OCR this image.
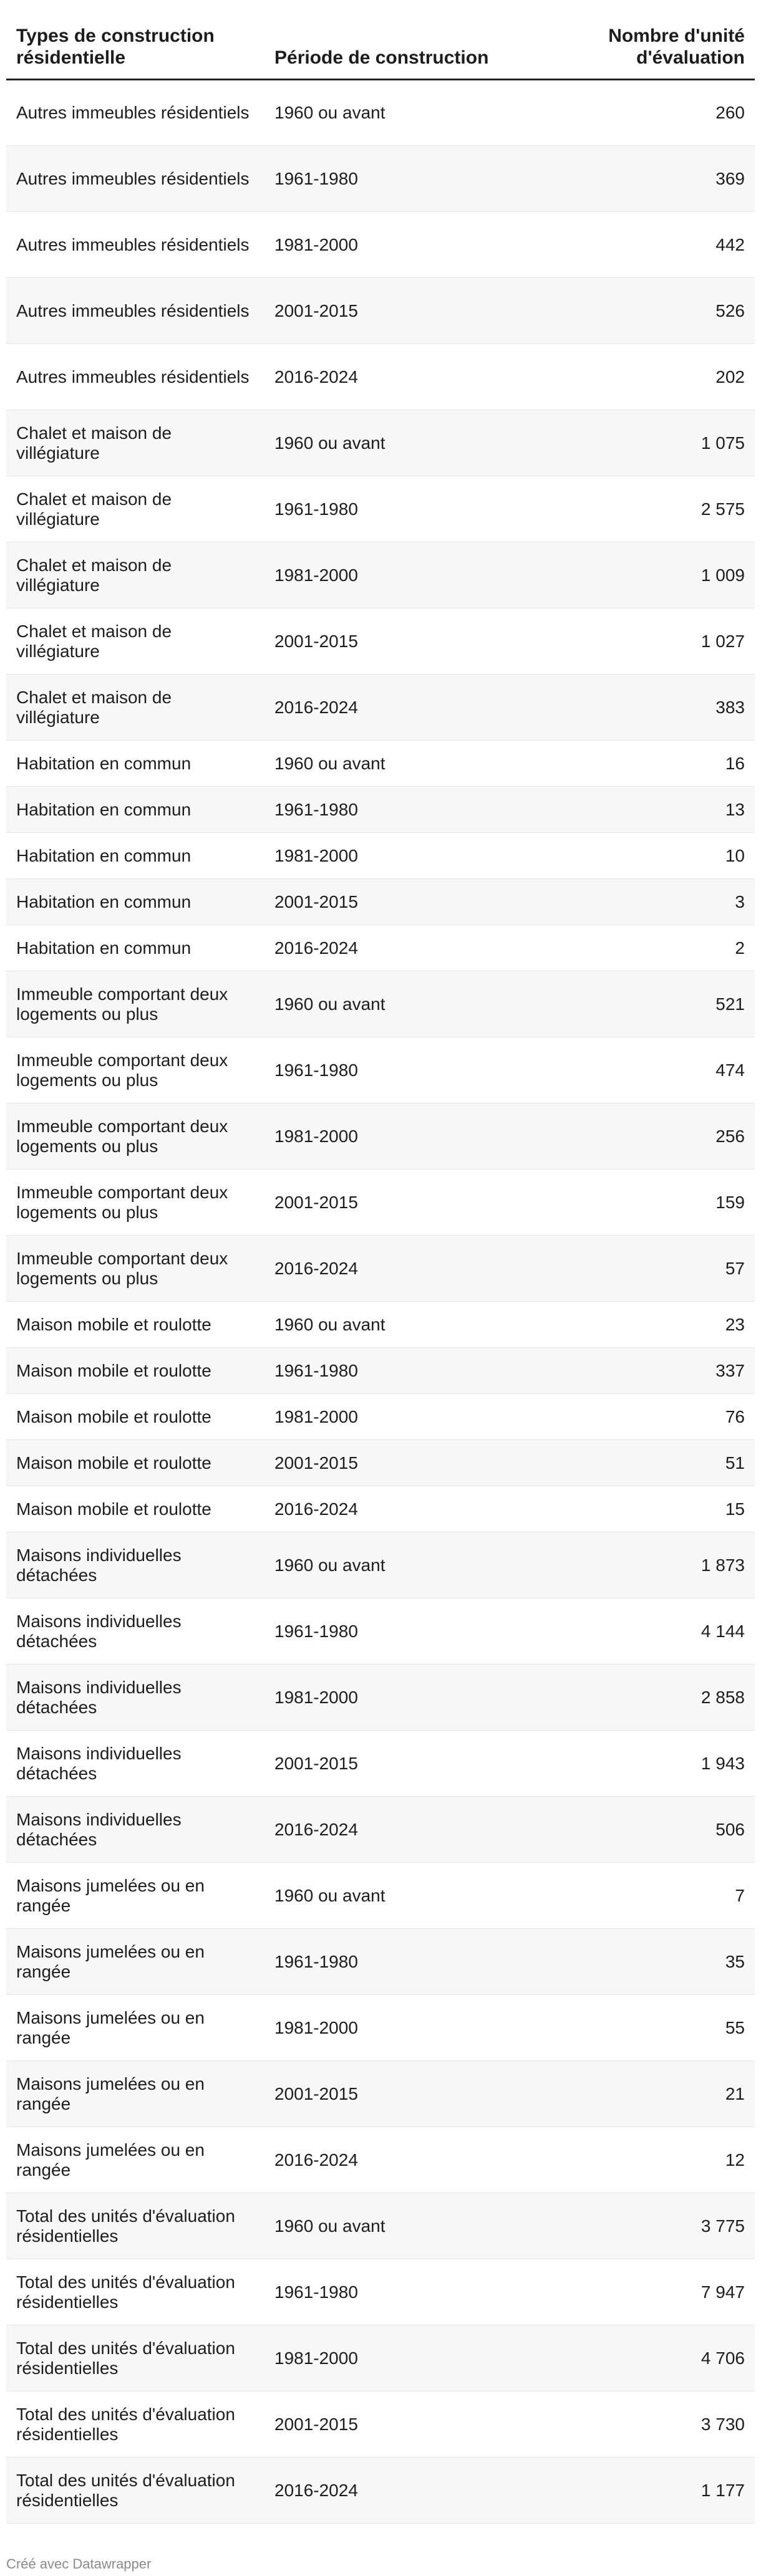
Types de construction résidentielle	Période de construction	Nombre d'unité d'évaluation
Autres immeubles résidentiels	1960 ou avant	260
Autres immeubles résidentiels	1961-1980	369
Autres immeubles résidentiels	1981-2000	442
Autres immeubles résidentiels	2001-2015	526
Autres immeubles résidentiels	2016-2024	202
Chalet et maison de villégiature	1960 ou avant	1 075
Chalet et maison de villégiature	1961-1980	2 575
Chalet et maison de villégiature	1981-2000	1 009
Chalet et maison de villégiature	2001-2015	1 027
Chalet et maison de villégiature	2016-2024	383
Habitation en commun	1960 ou avant	16
Habitation en commun	1961-1980	13
Habitation en commun	1981-2000	10
Habitation en commun	2001-2015	3
Habitation en commun	2016-2024	2
Immeuble comportant deux logements ou plus	1960 ou avant	521
Immeuble comportant deux logements ou plus	1961-1980	474
Immeuble comportant deux logements ou plus	1981-2000	256
Immeuble comportant deux logements ou plus	2001-2015	159
Immeuble comportant deux logements ou plus	2016-2024	57
Maison mobile et roulotte	1960 ou avant	23
Maison mobile et roulotte	1961-1980	337
Maison mobile et roulotte	1981-2000	76
Maison mobile et roulotte	2001-2015	51
Maison mobile et roulotte	2016-2024	15
Maisons individuelles détachées	1960 ou avant	1 873
Maisons individuelles détachées	1961-1980	4 144
Maisons individuelles détachées	1981-2000	2 858
Maisons individuelles détachées	2001-2015	1 943
Maisons individuelles détachées	2016-2024	506
Maisons jumelées ou en rangée	1960 ou avant	7
Maisons jumelées ou en rangée	1961-1980	35
Maisons jumelées ou en rangée	1981-2000	55
Maisons jumelées ou en rangée	2001-2015	21
Maisons jumelées ou en rangée	2016-2024	12
Total des unités d'évaluation résidentielles	1960 ou avant	3 775
Total des unités d'évaluation résidentielles	1961-1980	7 947
Total des unités d'évaluation résidentielles	1981-2000	4 706
Total des unités d'évaluation résidentielles	2001-2015	3 730
Total des unités d'évaluation résidentielles	2016-2024	1 177
Créé avec Datawrapper
